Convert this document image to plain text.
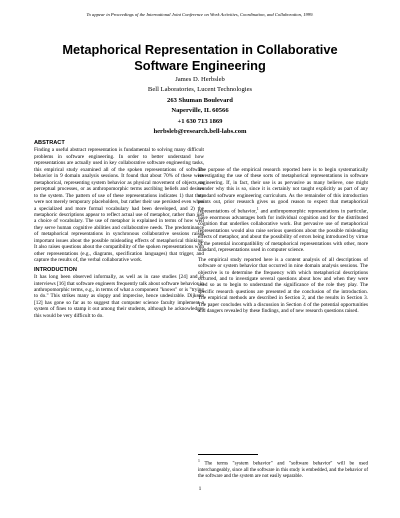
To appear in Proceedings of the International Joint Conference on Work Activities, Coordination, and Collaboration, 1999.
Metaphorical Representation in Collaborative Software Engineering
James D. Herbsleb
Bell Laboratories, Lucent Technologies
263 Shuman Boulevard
Naperville, IL 60566
+1 630 713 1869
herbsleb@research.bell-labs.com
ABSTRACT

Finding a useful abstract representation is fundamental to solving many difficult problems in software engineering. In order to better understand how representations are actually used in key collaborative software engineering tasks, this empirical study examined all of the spoken representations of software behavior in 9 domain analysis sessions. It found that about 70% of these were metaphorical, representing system behavior as physical movement of objects, as perceptual processes, or as anthropomorphic terms ascribing beliefs and desires to the system. The pattern of use of these representations indicates 1) that they were not merely temporary placeholders, but rather their use persisted even when a specialized and more formal vocabulary had been developed, and 2) the metaphoric descriptions appear to reflect actual use of metaphor, rather than just a choice of vocabulary. The use of metaphor is explained in terms of how well they serve human cognitive abilities and collaborative needs. The predominance of metaphorical representations in synchronous collaborative sessions raises important issues about the possible misleading effects of metaphorical thinking. It also raises questions about the compatibility of the spoken representations with other representations (e.g., diagrams, specification languages) that trigger, and capture the results of, the verbal collaborative work.

INTRODUCTION

It has long been observed informally, as well as in case studies [24] and in interviews [16] that software engineers frequently talk about software behavior in anthropomorphic terms, e.g., in terms of what a component "knows" or is "trying to do." This strikes many as sloppy and imprecise, hence undesirable. Dijkstra [12] has gone so far as to suggest that computer science faculty implement a system of fines to stamp it out among their students, although he acknowledges this would be very difficult to do.

The purpose of the empirical research reported here is to begin systematically investigating the use of these sorts of metaphorical representations in software engineering. If, in fact, their use is as pervasive as many believe, one might wonder why this is so, since it is certainly not taught explicitly as part of any standard software engineering curriculum. As the remainder of this introduction points out, prior research gives us good reason to expect that metaphorical representations of behavior,$^1$ and anthropomorphic representations in particular, have enormous advantages both for individual cognition and for the distributed cognition that underlies collaborative work. But pervasive use of metaphorical representations would also raise serious questions about the possible misleading effects of metaphor, and about the possibility of errors being introduced by virtue of the potential incompatibility of metaphorical representations with other, more standard, representations used in computer science.

The empirical study reported here is a content analysis of all descriptions of software or system behavior that occurred in nine domain analysis sessions. The objective is to determine the frequency with which metaphorical descriptions occurred, and to investigate several questions about how and when they were used so as to begin to understand the significance of the role they play. The specific research questions are presented at the conclusion of the introduction. The empirical methods are described in Section 2, and the results in Section 3. The paper concludes with a discussion in Section 4 of the potential opportunities and dangers revealed by these findings, and of new research questions raised.

$^1$ The terms "system behavior" and "software behavior" will be used interchangeably, since all the software in this study is embedded, and the behavior of the software and the system are not easily separable.
1
